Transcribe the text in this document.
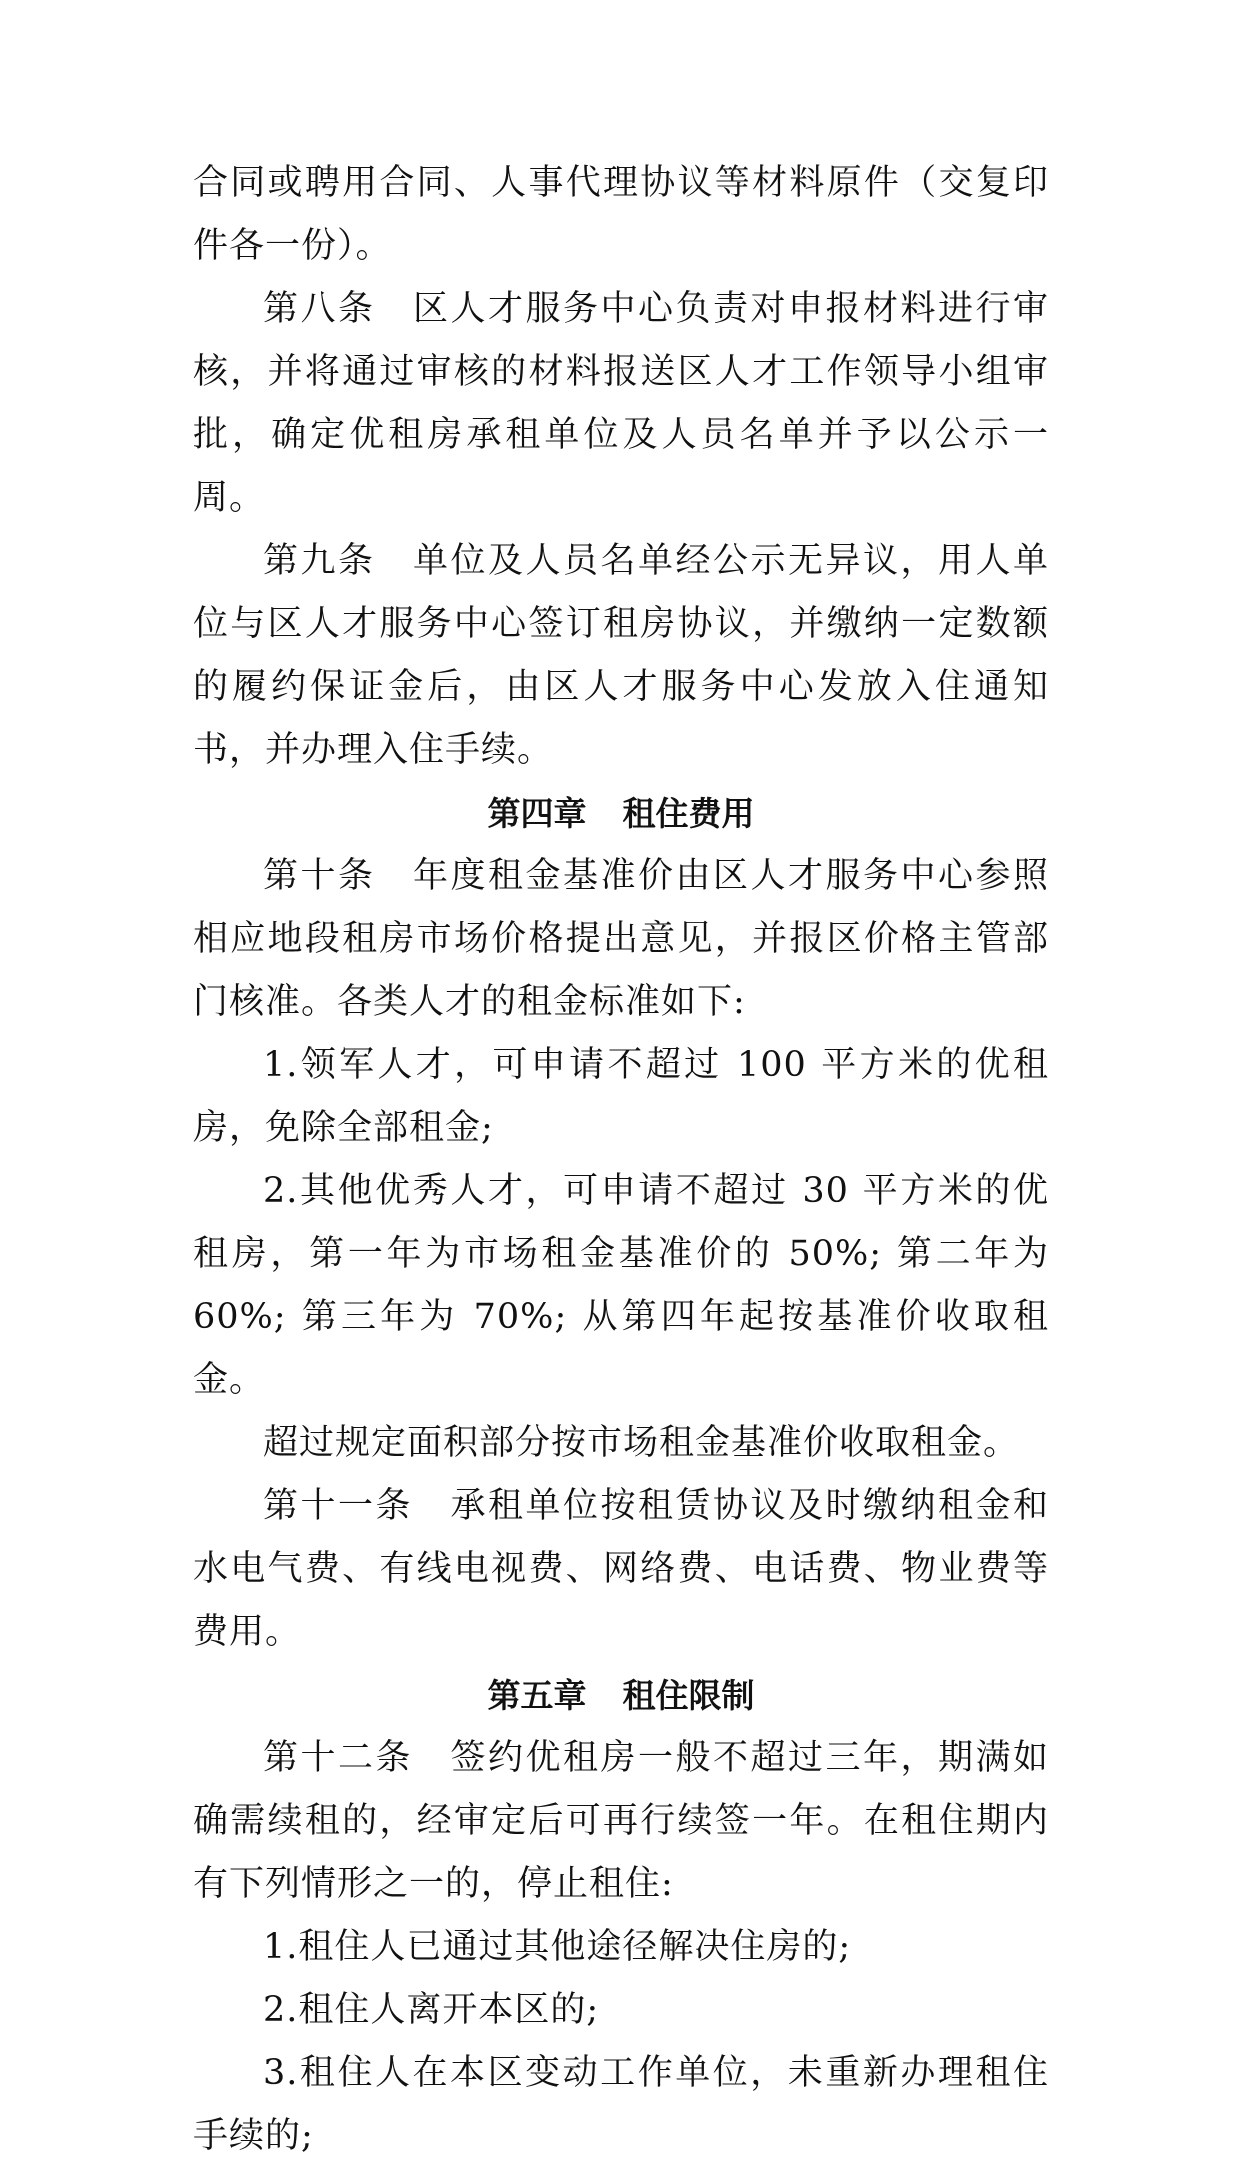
合同或聘用合同、人事代理协议等材料原件（交复印件各一份）。

第八条 区人才服务中心负责对申报材料进行审核，并将通过审核的材料报送区人才工作领导小组审批，确定优租房承租单位及人员名单并予以公示一周。

第九条 单位及人员名单经公示无异议，用人单位与区人才服务中心签订租房协议，并缴纳一定数额的履约保证金后，由区人才服务中心发放入住通知书，并办理入住手续。

第四章 租住费用

第十条 年度租金基准价由区人才服务中心参照相应地段租房市场价格提出意见，并报区价格主管部门核准。各类人才的租金标准如下:

1.领军人才，可申请不超过 100 平方米的优租房，免除全部租金;

2.其他优秀人才，可申请不超过 30 平方米的优租房，第一年为市场租金基准价的 50%; 第二年为 60%; 第三年为 70%; 从第四年起按基准价收取租金。

超过规定面积部分按市场租金基准价收取租金。

第十一条 承租单位按租赁协议及时缴纳租金和水电气费、有线电视费、网络费、电话费、物业费等费用。

第五章 租住限制

第十二条 签约优租房一般不超过三年，期满如确需续租的，经审定后可再行续签一年。在租住期内有下列情形之一的，停止租住:

1.租住人已通过其他途径解决住房的;

2.租住人离开本区的;

3.租住人在本区变动工作单位，未重新办理租住手续的;
